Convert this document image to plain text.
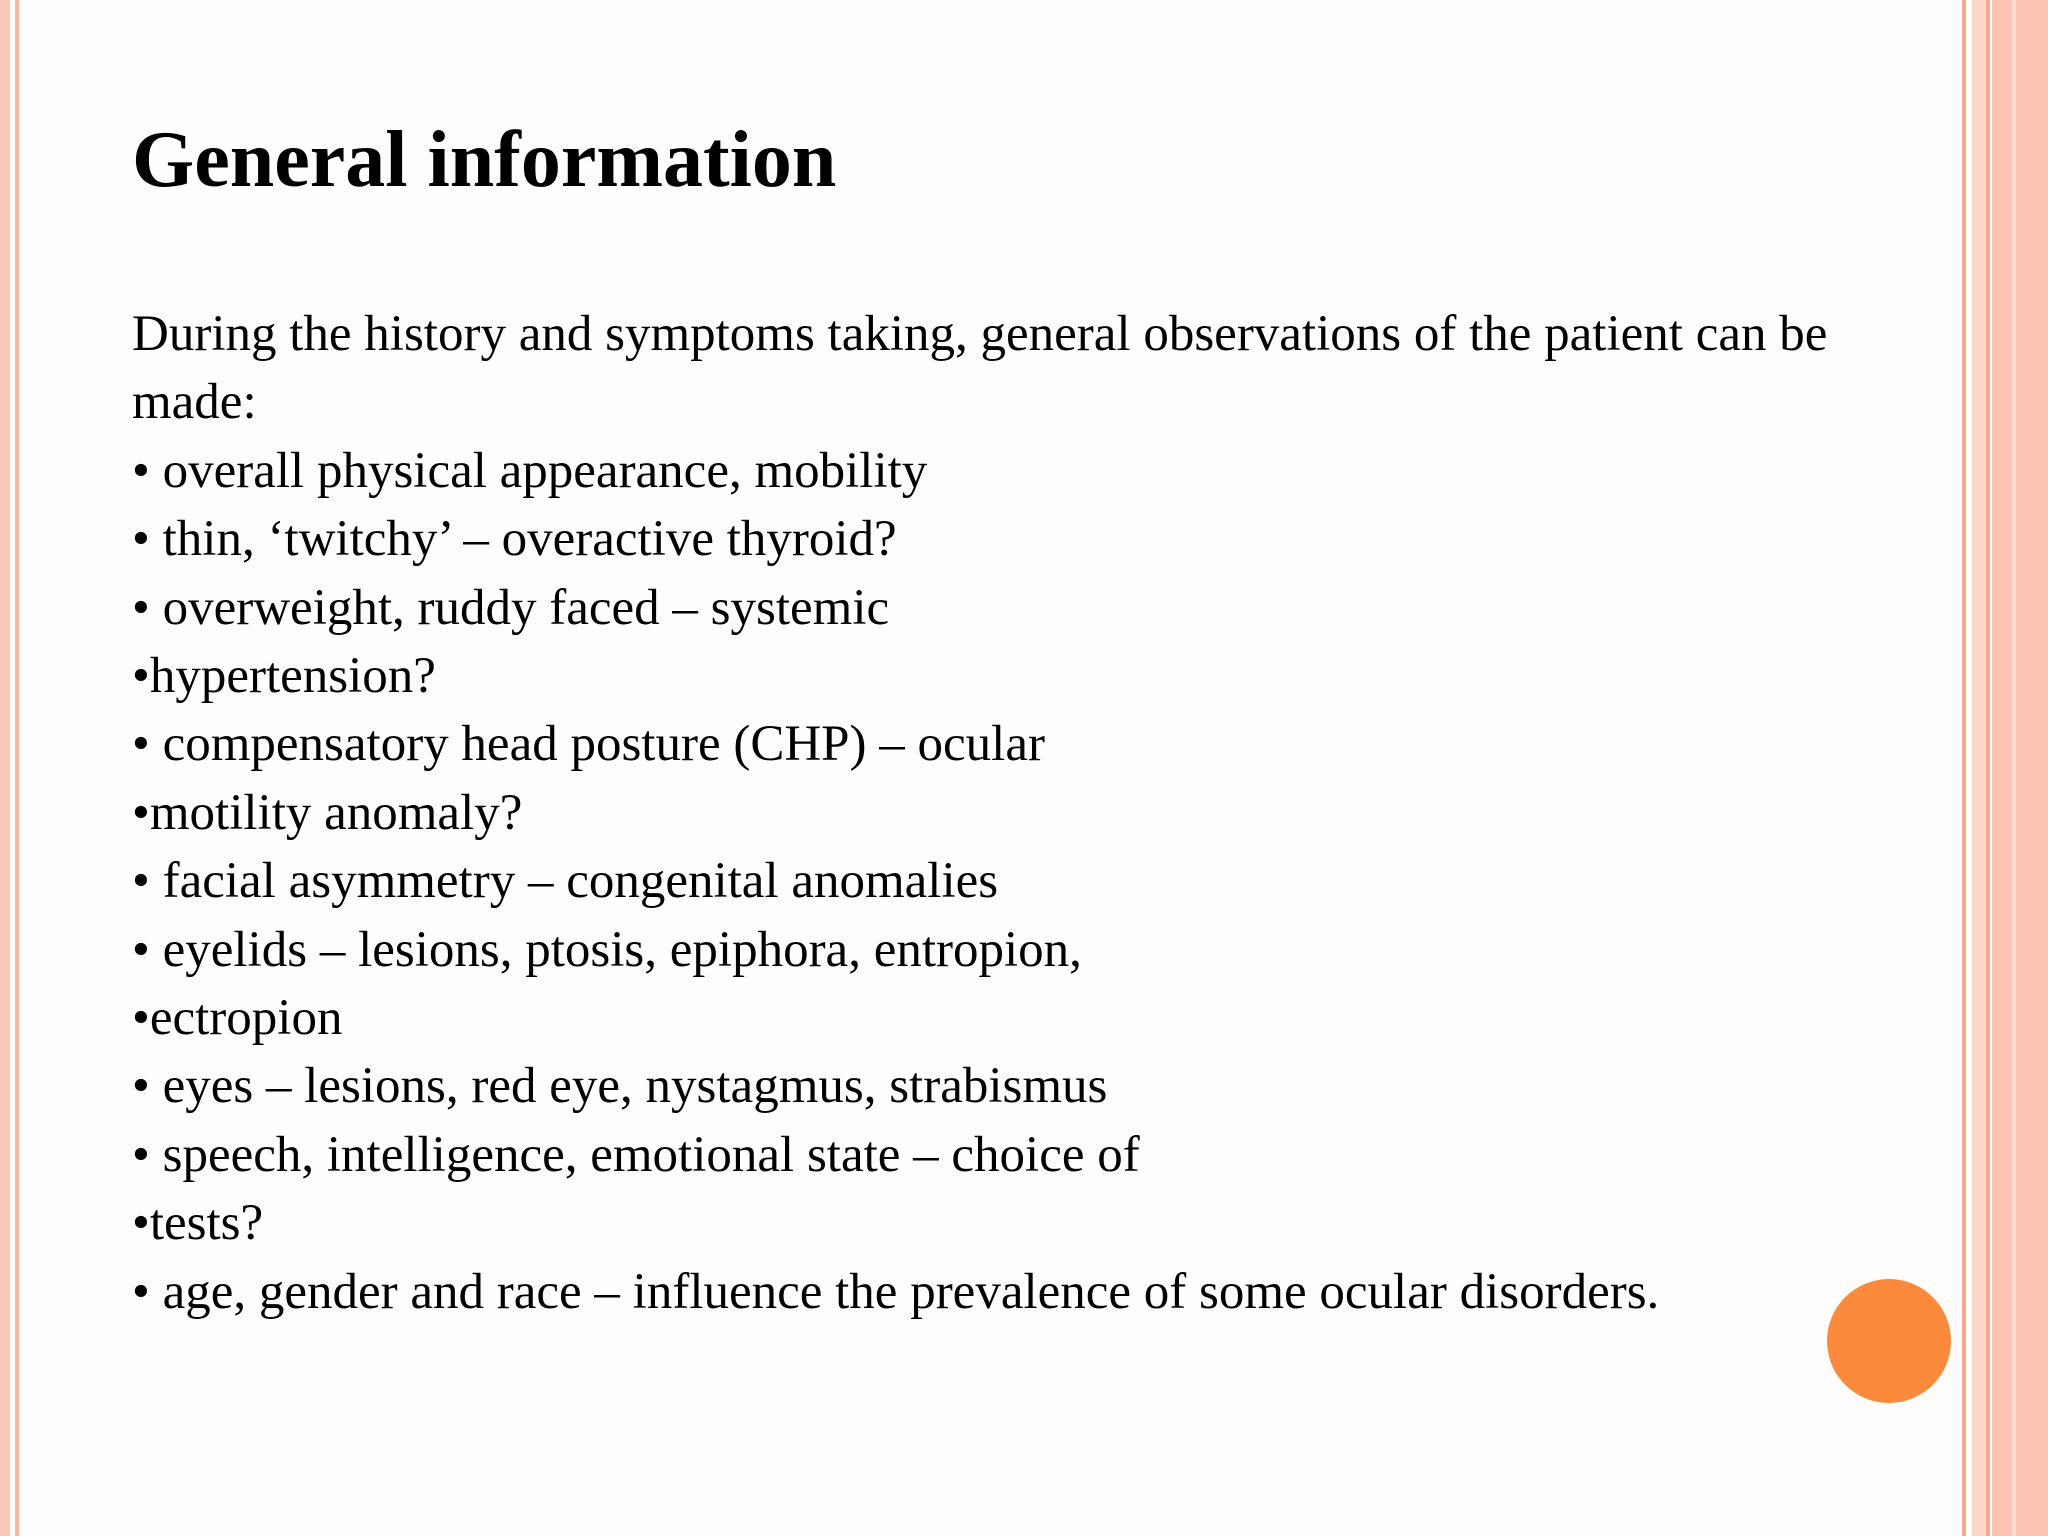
General information

During the history and symptoms taking, general observations of the patient can be made:

• overall physical appearance, mobility

• thin, ‘twitchy’ – overactive thyroid?

• overweight, ruddy faced – systemic

•hypertension?

• compensatory head posture (CHP) – ocular

•motility anomaly?

• facial asymmetry – congenital anomalies

• eyelids – lesions, ptosis, epiphora, entropion,

•ectropion

• eyes – lesions, red eye, nystagmus, strabismus

• speech, intelligence, emotional state – choice of

•tests?

• age, gender and race – influence the prevalence of some ocular disorders.
